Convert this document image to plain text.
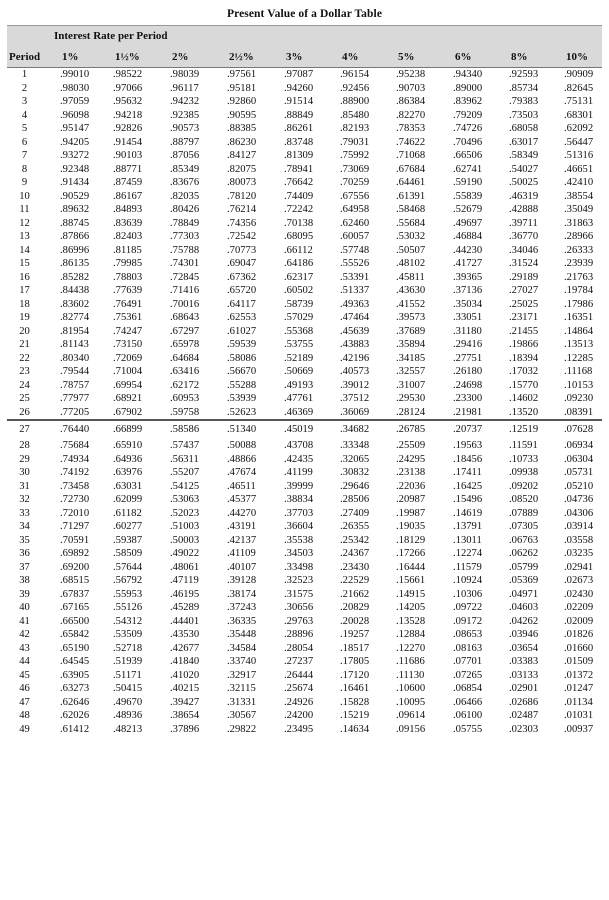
Present Value of a Dollar Table
	Interest Rate per Period									
Period	1%	1½%	2%	2½%	3%	4%	5%	6%	8%	10%
1	.99010	.98522	.98039	.97561	.97087	.96154	.95238	.94340	.92593	.90909
2	.98030	.97066	.96117	.95181	.94260	.92456	.90703	.89000	.85734	.82645
3	.97059	.95632	.94232	.92860	.91514	.88900	.86384	.83962	.79383	.75131
4	.96098	.94218	.92385	.90595	.88849	.85480	.82270	.79209	.73503	.68301
5	.95147	.92826	.90573	.88385	.86261	.82193	.78353	.74726	.68058	.62092
6	.94205	.91454	.88797	.86230	.83748	.79031	.74622	.70496	.63017	.56447
7	.93272	.90103	.87056	.84127	.81309	.75992	.71068	.66506	.58349	.51316
8	.92348	.88771	.85349	.82075	.78941	.73069	.67684	.62741	.54027	.46651
9	.91434	.87459	.83676	.80073	.76642	.70259	.64461	.59190	.50025	.42410
10	.90529	.86167	.82035	.78120	.74409	.67556	.61391	.55839	.46319	.38554
11	.89632	.84893	.80426	.76214	.72242	.64958	.58468	.52679	.42888	.35049
12	.88745	.83639	.78849	.74356	.70138	.62460	.55684	.49697	.39711	.31863
13	.87866	.82403	.77303	.72542	.68095	.60057	.53032	.46884	.36770	.28966
14	.86996	.81185	.75788	.70773	.66112	.57748	.50507	.44230	.34046	.26333
15	.86135	.79985	.74301	.69047	.64186	.55526	.48102	.41727	.31524	.23939
16	.85282	.78803	.72845	.67362	.62317	.53391	.45811	.39365	.29189	.21763
17	.84438	.77639	.71416	.65720	.60502	.51337	.43630	.37136	.27027	.19784
18	.83602	.76491	.70016	.64117	.58739	.49363	.41552	.35034	.25025	.17986
19	.82774	.75361	.68643	.62553	.57029	.47464	.39573	.33051	.23171	.16351
20	.81954	.74247	.67297	.61027	.55368	.45639	.37689	.31180	.21455	.14864
21	.81143	.73150	.65978	.59539	.53755	.43883	.35894	.29416	.19866	.13513
22	.80340	.72069	.64684	.58086	.52189	.42196	.34185	.27751	.18394	.12285
23	.79544	.71004	.63416	.56670	.50669	.40573	.32557	.26180	.17032	.11168
24	.78757	.69954	.62172	.55288	.49193	.39012	.31007	.24698	.15770	.10153
25	.77977	.68921	.60953	.53939	.47761	.37512	.29530	.23300	.14602	.09230
26	.77205	.67902	.59758	.52623	.46369	.36069	.28124	.21981	.13520	.08391
27	.76440	.66899	.58586	.51340	.45019	.34682	.26785	.20737	.12519	.07628
28	.75684	.65910	.57437	.50088	.43708	.33348	.25509	.19563	.11591	.06934
29	.74934	.64936	.56311	.48866	.42435	.32065	.24295	.18456	.10733	.06304
30	.74192	.63976	.55207	.47674	.41199	.30832	.23138	.17411	.09938	.05731
31	.73458	.63031	.54125	.46511	.39999	.29646	.22036	.16425	.09202	.05210
32	.72730	.62099	.53063	.45377	.38834	.28506	.20987	.15496	.08520	.04736
33	.72010	.61182	.52023	.44270	.37703	.27409	.19987	.14619	.07889	.04306
34	.71297	.60277	.51003	.43191	.36604	.26355	.19035	.13791	.07305	.03914
35	.70591	.59387	.50003	.42137	.35538	.25342	.18129	.13011	.06763	.03558
36	.69892	.58509	.49022	.41109	.34503	.24367	.17266	.12274	.06262	.03235
37	.69200	.57644	.48061	.40107	.33498	.23430	.16444	.11579	.05799	.02941
38	.68515	.56792	.47119	.39128	.32523	.22529	.15661	.10924	.05369	.02673
39	.67837	.55953	.46195	.38174	.31575	.21662	.14915	.10306	.04971	.02430
40	.67165	.55126	.45289	.37243	.30656	.20829	.14205	.09722	.04603	.02209
41	.66500	.54312	.44401	.36335	.29763	.20028	.13528	.09172	.04262	.02009
42	.65842	.53509	.43530	.35448	.28896	.19257	.12884	.08653	.03946	.01826
43	.65190	.52718	.42677	.34584	.28054	.18517	.12270	.08163	.03654	.01660
44	.64545	.51939	.41840	.33740	.27237	.17805	.11686	.07701	.03383	.01509
45	.63905	.51171	.41020	.32917	.26444	.17120	.11130	.07265	.03133	.01372
46	.63273	.50415	.40215	.32115	.25674	.16461	.10600	.06854	.02901	.01247
47	.62646	.49670	.39427	.31331	.24926	.15828	.10095	.06466	.02686	.01134
48	.62026	.48936	.38654	.30567	.24200	.15219	.09614	.06100	.02487	.01031
49	.61412	.48213	.37896	.29822	.23495	.14634	.09156	.05755	.02303	.00937
